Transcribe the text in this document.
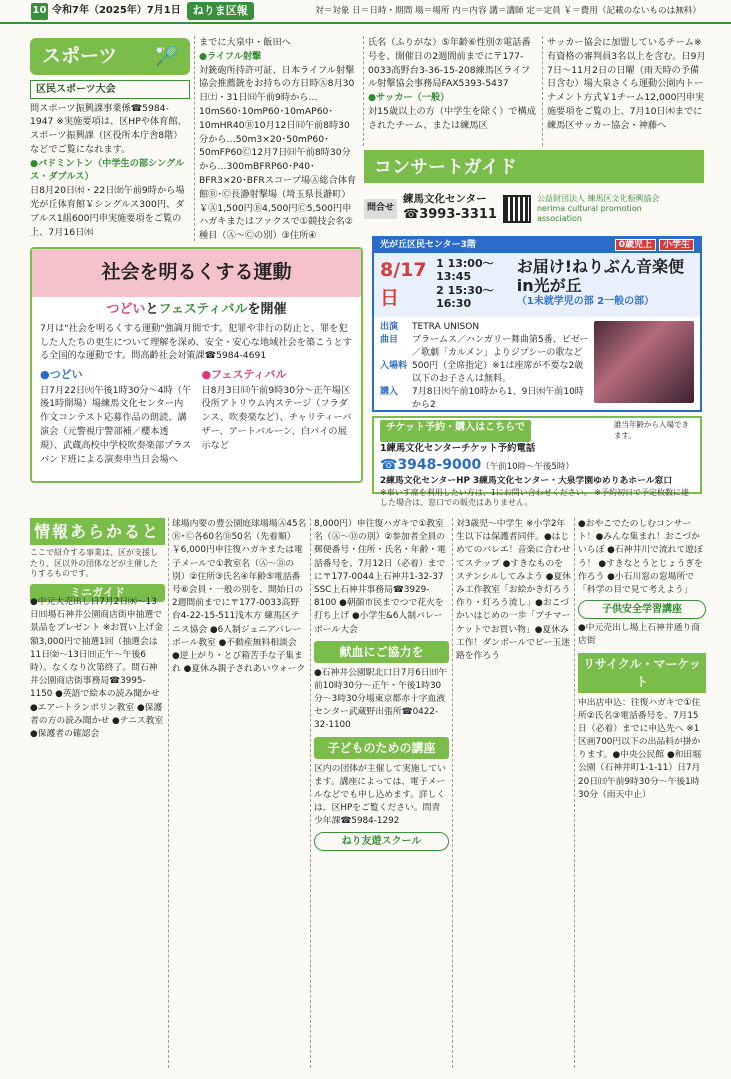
10 令和7年（2025年）7月1日	ねりま区報	対＝対象 日＝日時・期間 場＝場所 内＝内容 講＝講師 定＝定員 ￥＝費用（記載のないものは無料）
スポーツ 🏸
区民スポーツ大会
問スポーツ振興課事業係☎5984-1947 ※実施要項は、区HPや体育館、スポーツ振興課（区役所本庁舎8階）などでご覧になれます。
●バドミントン（中学生の部シングルス・ダブルス）
日8月20日㈬・22日㈮午前9時から場光が丘体育館￥シングルス300円、ダブルス1組600円申実施要項をご覧の上、7月16日㈬
までに大泉中・飯田へ
●ライフル射撃
対銃砲所持許可証、日本ライフル射撃協会推薦銃をお持ちの方日時Ⓐ8月30日㈯・31日㈰午前9時から…10mS60･10mP60･10mAP60･10mHR40Ⓑ10月12日㈰午前8時30分から…50m3×20･50mP60･50mFP60Ⓒ12月7日㈰午前8時30分から…300mBFRP60･P40･BFR3×20･BFRスコープ場Ⓐ総合体育館Ⓑ･Ⓒ長瀞射撃場（埼玉県長瀞町）￥Ⓐ1,500円Ⓑ4,500円Ⓒ5,500円申ハガキまたはファクスで①競技会名②種目（Ⓐ～Ⓒの別）③住所④
氏名（ふりがな）⑤年齢⑥性別⑦電話番号を、開催日の2週間前までに〒177-0033高野台3-36-15-208練馬区ライフル射撃協会事務局FAX5393-5437
●サッカー（一般）
対15歳以上の方（中学生を除く）で構成されたチーム、または練馬区
サッカー協会に加盟しているチーム※有資格の審判員3名以上を含む。日9月7日～11月2日の日曜（雨天時の予備日含む）場大泉さくら運動公園内トーナメント方式￥1チーム12,000円申実施要項をご覧の上、7月10日㈭までに練馬区サッカー協会・神藤へ
社会を明るくする運動
つどいとフェスティバルを開催
7月は"社会を明るくする運動"強調月間です。犯罪や非行の防止と、罪を犯した人たちの更生について理解を深め、安全・安心な地域社会を築こうとする全国的な運動です。問高齢社会対策課☎5984-4691
●つどい
日7月22日㈫午後1時30分～4時（午後1時開場）場練馬文化センター内作文コンテスト応募作品の朗読、講演会（元警視庁警部補／櫻本透規）、武蔵高校中学校吹奏楽部プラスバンド班による演奏申当日会場へ
●フェスティバル
日8月3日㈰午前9時30分～正午場区役所アトリウム内ステージ（フラダンス、吹奏楽など）、チャリティーバザー、アートバルーン、白バイの展示など
コンサートガイド
問合せ
練馬文化センター
☎3993-3311
公益財団法人 練馬区文化振興協会 nerima cultural promotion association
光が丘区民センター3階	0歳児上 小学生
8/17日
1 13:00～13:45
2 15:30～16:30
お届け!ねりぶん音楽便in光が丘
（1未就学児の部 2一般の部）
出演	TETRA UNISON
曲目	ブラームス／ハンガリー舞曲第5番、ビゼー／歌劇「カルメン」よりジプシーの歌など
入場料 500円（全席指定）※1は座席が不要な2歳以下のお子さんは無料。
購入	7月8日㈫午前10時から1、9日㈬午前10時から2
チケット予約・購入はこちらで	誰当年齢から入場できます。
1練馬文化センターチケット予約電話
☎3948-9000（午前10時～午後5時）
2練馬文化センターHP 3練馬文化センター・大泉学園ゆめりあホール窓口
※車いす席を利用したい方は、1にお問い合わせください。 ※予約初日で予定枚数に達した場合は、窓口での販売はありません。
情報あらかると
ここで紹介する事業は、区が支援したり、区以外の団体などが主催したりするものです。
ミニガイド
●中元大売出し日7月2日㈬～13日㈰場石神井公園商店街申抽選で景品をプレゼント ※お買い上げ金額3,000円で抽選1回（抽選会は11日㈮～13日㈰正午～午後6時）。なくなり次第終了。問石神井公園商店街事務局☎3995-1150 ●英語で絵本の読み聞かせ ●エアートランポリン教室 ●保護者の方の読み聞かせ ●テニス教室 ●保護者の確認会
球場内要の豊公園庭球場場Ⓐ45名Ⓑ･Ⓒ各60名Ⓓ50名（先着順）￥6,000円申往復ハガキまたは電子メールで①教室名（Ⓐ～Ⓓの別）②住所③氏名④年齢⑤電話番号⑥会員・一般の別を、開始日の2週間前までに〒177-0033高野台4-22-15-511浅木方 練馬区テニス協会 ●6人制ジュニアバレーボール教室 ●不動産無料相談会 ●逆上がり・とび箱苦手な子集まれ ●夏休み親子されあいウォーク
8,000円）申往復ハガキで①教室名（Ⓐ～Ⓓの別）②参加者全員の郵便番号・住所・氏名・年齢・電話番号を、7月12日（必着）までに〒177-0044上石神井1-32-37 SSC上石神井事務局☎3929-8100 ●朝顔市民までつで花火を打ち上げ ●小学生&6人制バレーボール大会
献血にご協力を
●石神井公園駅北口日7月6日㈰午前10時30分～正午・午後1時30分～3時30分場東京都赤十字血液センター武蔵野出張所☎0422-32-1100
子どものための講座
区内の団体が主催して実施しています。講座によっては、電子メールなどでも申し込めます。詳しくは、区HPをご覧ください。問青少年課☎5984-1292
ねり友遊スクール
対3歳児～中学生 ※小学2年生以下は保護者同伴。●はじめてのバレエ！音楽に合わせてステップ ●すきなものをステンシルしてみよう ●夏休み工作教室「お絵かき灯ろう作り・灯ろう流し」●おこづかいはじめの一歩「プチマーケットでお買い物」●夏休み工作！ダンボールでピー玉迷路を作ろう
●おやこでたのしむコンサート！●みんな集まれ！おこづかいらぼ ●石神井川で流れて遊ぼう！ ●すきなとうとじょうぎを作ろう ●小石川窓の窓場所で「科学の目で見て考えよう」
子供安全学習講座
●中元売出し場上石神井通り商店街
リサイクル・マーケット
申出店申込：往復ハガキで①住所②氏名③電話番号を、7月15日（必着）までに申込先へ ※1区画700円以下の出品料が掛かります。●中央公民館 ●和田堀公園（石神井町1-1-11）日7月20日㈰午前9時30分～午後1時30分（雨天中止）
